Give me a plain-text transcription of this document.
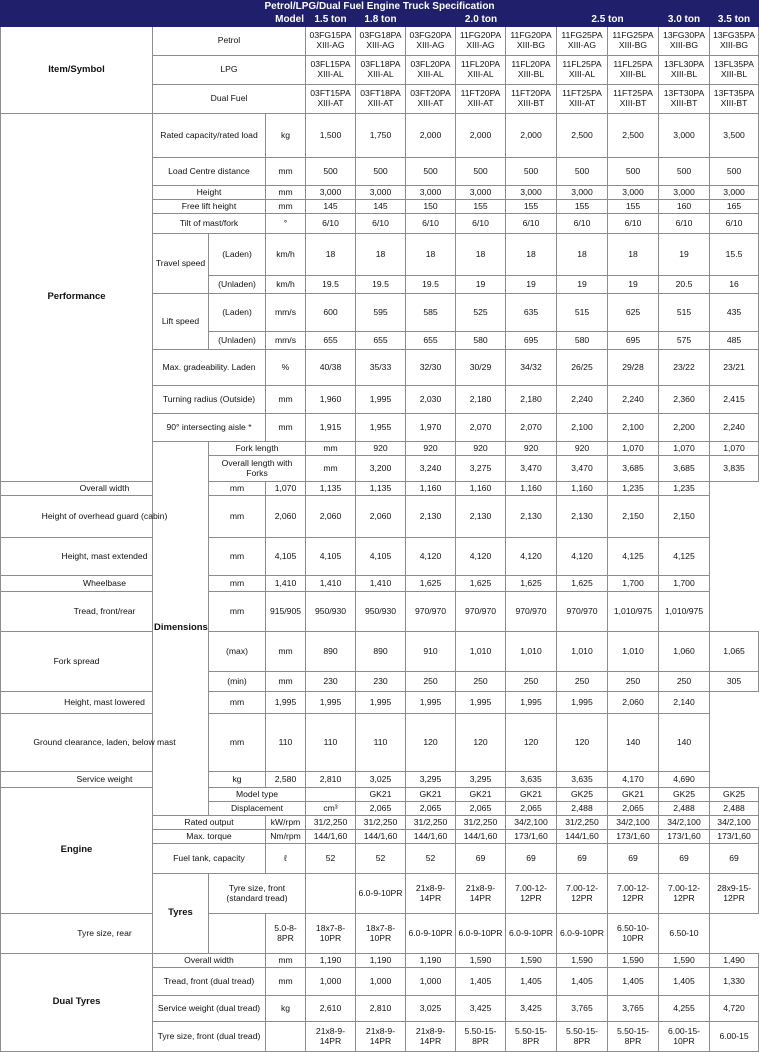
Petrol/LPG/Dual Fuel Engine Truck Specification													
Model				1.5 ton	1.8 ton	2.0 ton			2.5 ton		3.0 ton	3.5 ton	
Item/Symbol	Petrol			03FG15PA XIII-AG	03FG18PA XIII-AG	03FG20PA XIII-AG	11FG20PA XIII-AG	11FG20PA XIII-BG	11FG25PA XIII-AG	11FG25PA XIII-BG	13FG30PA XIII-BG	13FG35PA XIII-BG	
	LPG			03FL15PA XIII-AL	03FL18PA XIII-AL	03FL20PA XIII-AL	11FL20PA XIII-AL	11FL20PA XIII-BL	11FL25PA XIII-AL	11FL25PA XIII-BL	13FL30PA XIII-BL	13FL35PA XIII-BL	
	Dual Fuel			03FT15PA XIII-AT	03FT18PA XIII-AT	03FT20PA XIII-AT	11FT20PA XIII-AT	11FT20PA XIII-BT	11FT25PA XIII-AT	11FT25PA XIII-BT	13FT30PA XIII-BT	13FT35PA XIII-BT	
Performance	Rated capacity/rated load		kg	1,500	1,750	2,000	2,000	2,000	2,500	2,500	3,000	3,500	
	Load Centre distance		mm	500	500	500	500	500	500	500	500	500	
	Height		mm	3,000	3,000	3,000	3,000	3,000	3,000	3,000	3,000	3,000	
	Free lift height		mm	145	145	150	155	155	155	155	160	165	
	Tilt of mast/fork		°	6/10	6/10	6/10	6/10	6/10	6/10	6/10	6/10	6/10	
	Travel speed	(Laden)	km/h	18	18	18	18	18	18	18	19	15.5	
		(Unladen)	km/h	19.5	19.5	19.5	19	19	19	19	20.5	16	
	Lift speed	(Laden)	mm/s	600	595	585	525	635	515	625	515	435	
		(Unladen)	mm/s	655	655	655	580	695	580	695	575	485	
	Max. gradeability. Laden		%	40/38	35/33	32/30	30/29	34/32	26/25	29/28	23/22	23/21	
	Turning radius (Outside)		mm	1,960	1,995	2,030	2,180	2,180	2,240	2,240	2,360	2,415	
	90° intersecting aisle *		mm	1,915	1,955	1,970	2,070	2,070	2,100	2,100	2,200	2,240	
	Dimensions	Fork length		mm	920	920	920	920	920	1,070	1,070	1,070	
		Overall length with Forks		mm	3,200	3,240	3,275	3,470	3,470	3,685	3,685	3,835	
Overall width		mm	1,070	1,135	1,135	1,160	1,160	1,160	1,160	1,235	1,235		
Height of overhead guard (cabin)		mm	2,060	2,060	2,060	2,130	2,130	2,130	2,130	2,150	2,150		
Height, mast extended		mm	4,105	4,105	4,105	4,120	4,120	4,120	4,120	4,125	4,125		
Wheelbase		mm	1,410	1,410	1,410	1,625	1,625	1,625	1,625	1,700	1,700		
Tread, front/rear		mm	915/905	950/930	950/930	970/970	970/970	970/970	970/970	1,010/975	1,010/975		
Fork spread		(max)	mm	890	890	910	1,010	1,010	1,010	1,010	1,060	1,065	
		(min)	mm	230	230	250	250	250	250	250	250	305	
Height, mast lowered		mm	1,995	1,995	1,995	1,995	1,995	1,995	1,995	2,060	2,140		
Ground clearance, laden, below mast		mm	110	110	110	120	120	120	120	140	140		
Service weight		kg	2,580	2,810	3,025	3,295	3,295	3,635	3,635	4,170	4,690		
Engine		Model type			GK21	GK21	GK21	GK21	GK25	GK21	GK25	GK25	
		Displacement		cm³	2,065	2,065	2,065	2,065	2,488	2,065	2,488	2,488	
	Rated output		kW/rpm	31/2,250	31/2,250	31/2,250	31/2,250	34/2,100	31/2,250	34/2,100	34/2,100	34/2,100	
	Max. torque		Nm/rpm	144/1,60	144/1,60	144/1,60	144/1,60	173/1,60	144/1,60	173/1,60	173/1,60	173/1,60	
	Fuel tank, capacity		ℓ	52	52	52	69	69	69	69	69	69	
	Tyres	Tyre size, front (standard tread)			6.0-9-10PR	21x8-9-14PR	21x8-9-14PR	7.00-12-12PR	7.00-12-12PR	7.00-12-12PR	7.00-12-12PR	28x9-15-12PR	
Tyre size, rear			5.0-8-8PR	18x7-8-10PR	18x7-8-10PR	6.0-9-10PR	6.0-9-10PR	6.0-9-10PR	6.0-9-10PR	6.50-10-10PR	6.50-10		
Dual Tyres	Overall width		mm	1,190	1,190	1,190	1,590	1,590	1,590	1,590	1,590	1,490	
	Tread, front (dual tread)		mm	1,000	1,000	1,000	1,405	1,405	1,405	1,405	1,405	1,330	
	Service weight (dual tread)		kg	2,610	2,810	3,025	3,425	3,425	3,765	3,765	4,255	4,720	
	Tyre size, front (dual tread)			21x8-9-14PR	21x8-9-14PR	21x8-9-14PR	5.50-15-8PR	5.50-15-8PR	5.50-15-8PR	5.50-15-8PR	6.00-15-10PR	6.00-15	
